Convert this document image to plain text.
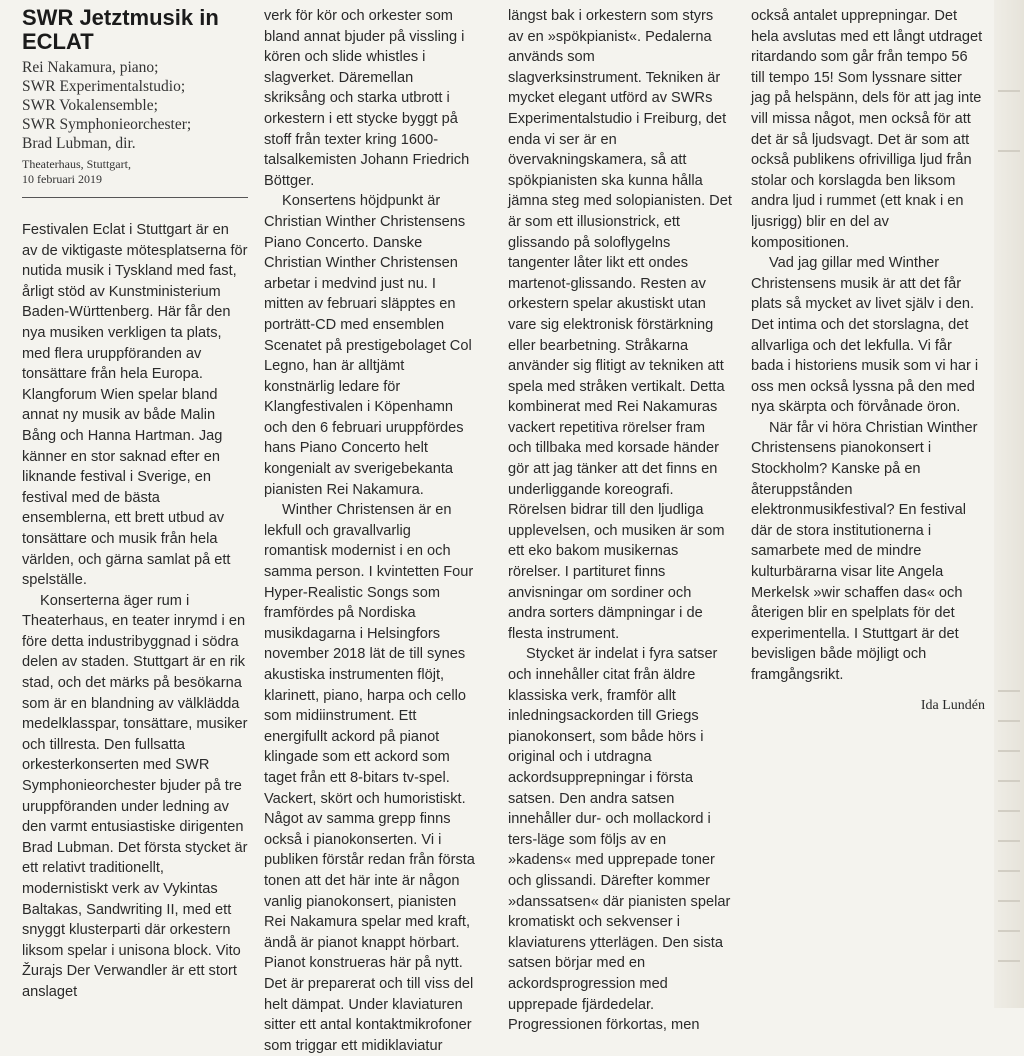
SWR Jetztmusik in ECLAT
Rei Nakamura, piano;
SWR Experimentalstudio;
SWR Vokalensemble;
SWR Symphonieorchester;
Brad Lubman, dir.
Theaterhaus, Stuttgart,
10 februari 2019

Festivalen Eclat i Stuttgart är en av de viktigaste mötesplatserna för nutida musik i Tyskland med fast, årligt stöd av Kunstministerium Baden-Württenberg. Här får den nya musiken verkligen ta plats, med flera uruppföranden av tonsättare från hela Europa. Klangforum Wien spelar bland annat ny musik av både Malin Bång och Hanna Hartman. Jag känner en stor saknad efter en liknande festival i Sverige, en festival med de bästa ensemblerna, ett brett utbud av tonsättare och musik från hela världen, och gärna samlat på ett spelställe.

Konserterna äger rum i Theaterhaus, en teater inrymd i en före detta industribyggnad i södra delen av staden. Stuttgart är en rik stad, och det märks på besökarna som är en blandning av välklädda medelklasspar, tonsättare, musiker och tillresta. Den fullsatta orkesterkonserten med SWR Symphonieorchester bjuder på tre uruppföranden under ledning av den varmt entusiastiske dirigenten Brad Lubman. Det första stycket är ett relativt traditionellt, modernistiskt verk av Vykintas Baltakas, Sandwriting II, med ett snyggt klusterparti där orkestern liksom spelar i unisona block. Vito Žurajs Der Verwandler är ett stort anslaget

verk för kör och orkester som bland annat bjuder på vissling i kören och slide whistles i slagverket. Däremellan skriksång och starka utbrott i orkestern i ett stycke byggt på stoff från texter kring 1600-talsalkemisten Johann Friedrich Böttger.

Konsertens höjdpunkt är Christian Winther Christensens Piano Concerto. Danske Christian Winther Christensen arbetar i medvind just nu. I mitten av februari släpptes en porträtt-CD med ensemblen Scenatet på prestigebolaget Col Legno, han är alltjämt konstnärlig ledare för Klangfestivalen i Köpenhamn och den 6 februari uruppfördes hans Piano Concerto helt kongenialt av sverigebekanta pianisten Rei Nakamura.

Winther Christensen är en lekfull och gravallvarlig romantisk modernist i en och samma person. I kvintetten Four Hyper-Realistic Songs som framfördes på Nordiska musikdagarna i Helsingfors november 2018 lät de till synes akustiska instrumenten flöjt, klarinett, piano, harpa och cello som midiinstrument. Ett energifullt ackord på pianot klingade som ett ackord som taget från ett 8-bitars tv-spel. Vackert, skört och humoristiskt. Något av samma grepp finns också i pianokonserten. Vi i publiken förstår redan från första tonen att det här inte är någon vanlig pianokonsert, pianisten Rei Nakamura spelar med kraft, ändå är pianot knappt hörbart. Pianot konstrueras här på nytt. Det är preparerat och till viss del helt dämpat. Under klaviaturen sitter ett antal kontaktmikrofoner som triggar ett midiklaviatur

längst bak i orkestern som styrs av en »spökpianist«. Pedalerna används som slagverksinstrument. Tekniken är mycket elegant utförd av SWRs Experimentalstudio i Freiburg, det enda vi ser är en övervakningskamera, så att spökpianisten ska kunna hålla jämna steg med solopianisten. Det är som ett illusionstrick, ett glissando på soloflygelns tangenter låter likt ett ondes martenot-glissando. Resten av orkestern spelar akustiskt utan vare sig elektronisk förstärkning eller bearbetning. Stråkarna använder sig flitigt av tekniken att spela med stråken vertikalt. Detta kombinerat med Rei Nakamuras vackert repetitiva rörelser fram och tillbaka med korsade händer gör att jag tänker att det finns en underliggande koreografi. Rörelsen bidrar till den ljudliga upplevelsen, och musiken är som ett eko bakom musikernas rörelser. I partituret finns anvisningar om sordiner och andra sorters dämpningar i de flesta instrument.

Stycket är indelat i fyra satser och innehåller citat från äldre klassiska verk, framför allt inledningsackorden till Griegs pianokonsert, som både hörs i original och i utdragna ackordsupprepningar i första satsen. Den andra satsen innehåller dur- och mollackord i ters-läge som följs av en »kadens« med upprepade toner och glissandi. Därefter kommer »danssatsen« där pianisten spelar kromatiskt och sekvenser i klaviaturens ytterlägen. Den sista satsen börjar med en ackordsprogression med upprepade fjärdedelar. Progressionen förkortas, men

också antalet upprepningar. Det hela avslutas med ett långt utdraget ritardando som går från tempo 56 till tempo 15! Som lyssnare sitter jag på helspänn, dels för att jag inte vill missa något, men också för att det är så ljudsvagt. Det är som att också publikens ofrivilliga ljud från stolar och korslagda ben liksom andra ljud i rummet (ett knak i en ljusrigg) blir en del av kompositionen.

Vad jag gillar med Winther Christensens musik är att det får plats så mycket av livet själv i den. Det intima och det storslagna, det allvarliga och det lekfulla. Vi får bada i historiens musik som vi har i oss men också lyssna på den med nya skärpta och förvånade öron.

När får vi höra Christian Winther Christensens pianokonsert i Stockholm? Kanske på en återuppstånden elektronmusikfestival? En festival där de stora institutionerna i samarbete med de mindre kulturbärarna visar lite Angela Merkelsk »wir schaffen das« och återigen blir en spelplats för det experimentella. I Stuttgart är det bevisligen både möjligt och framgångsrikt.

Ida Lundén
